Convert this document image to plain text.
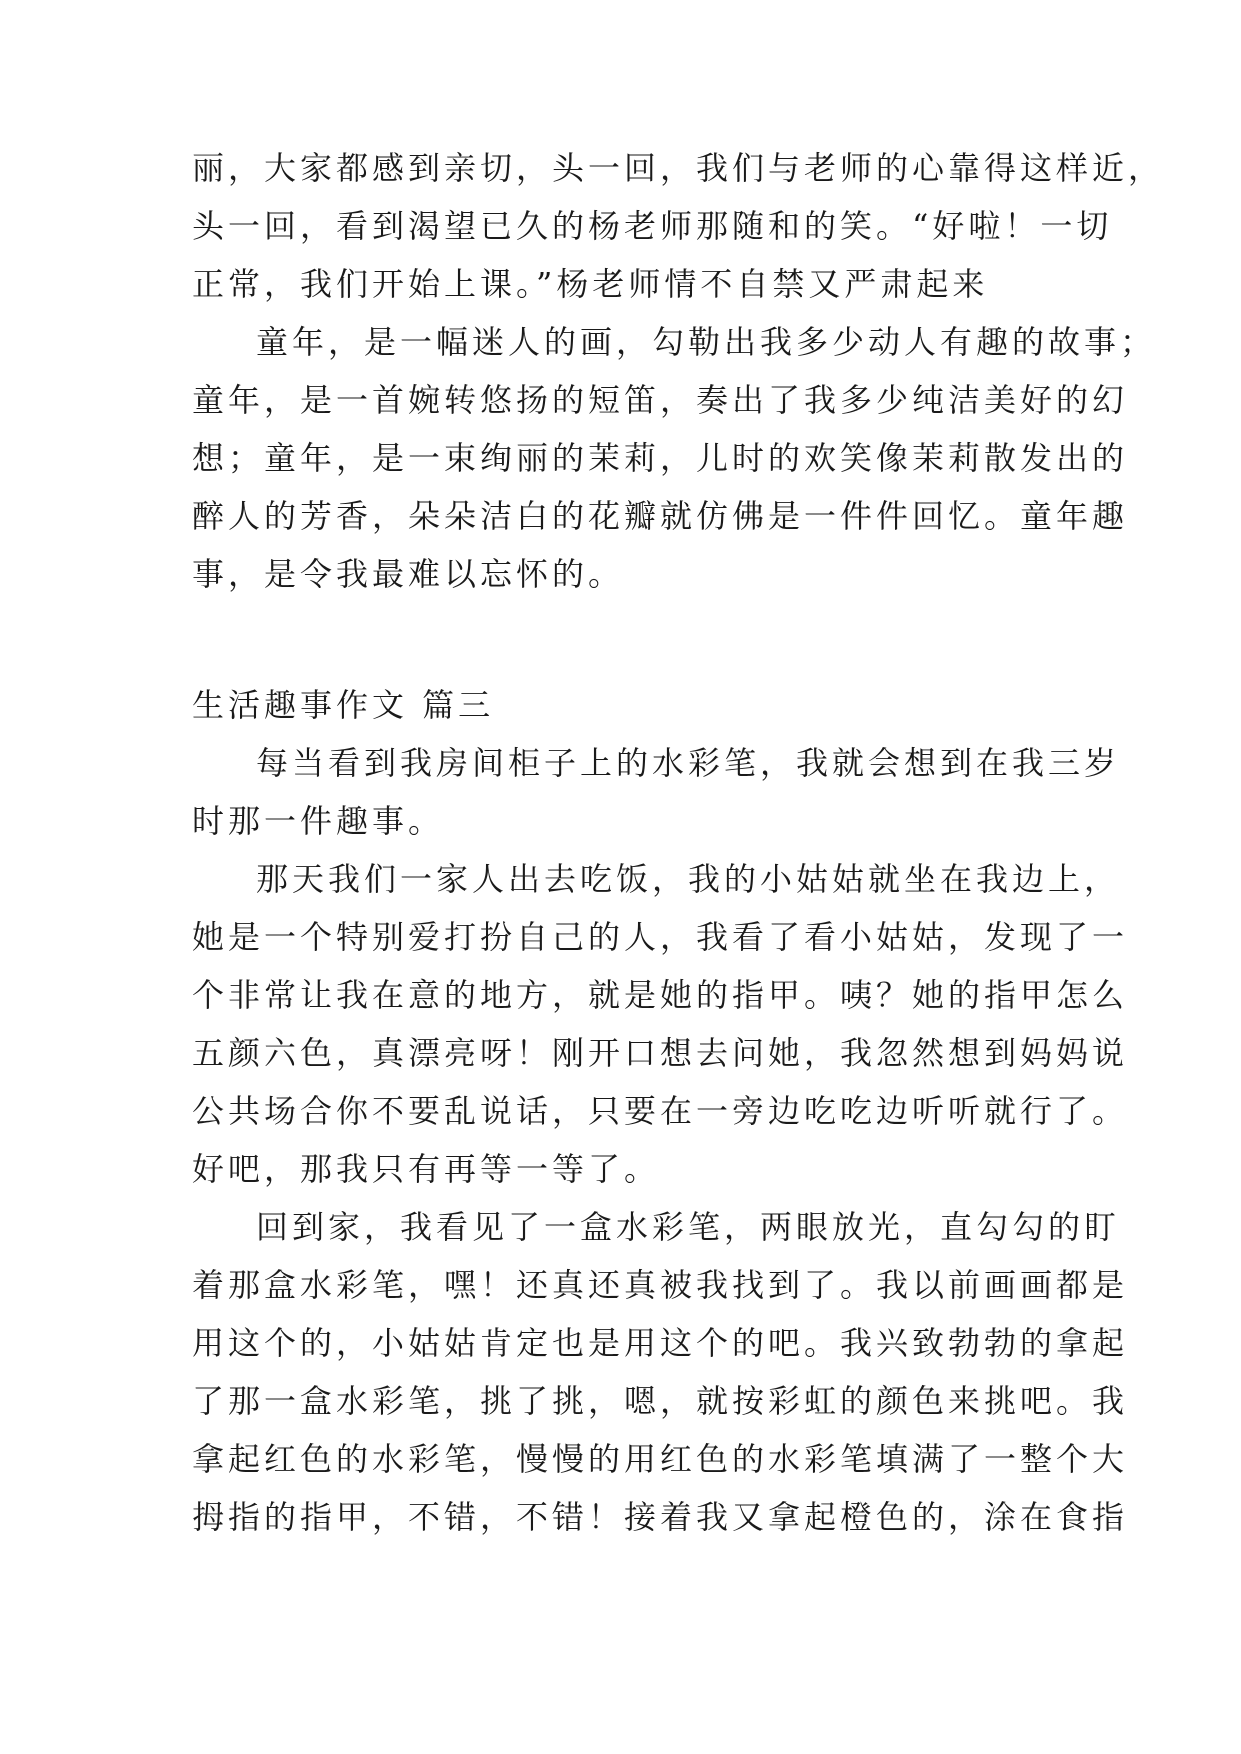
丽，大家都感到亲切，头一回，我们与老师的心靠得这样近，
头一回，看到渴望已久的杨老师那随和的笑。“好啦！一切
正常，我们开始上课。”杨老师情不自禁又严肃起来

童年，是一幅迷人的画，勾勒出我多少动人有趣的故事；
童年，是一首婉转悠扬的短笛，奏出了我多少纯洁美好的幻
想；童年，是一束绚丽的茉莉，儿时的欢笑像茉莉散发出的
醉人的芳香，朵朵洁白的花瓣就仿佛是一件件回忆。童年趣
事，是令我最难以忘怀的。

生活趣事作文 篇三

每当看到我房间柜子上的水彩笔，我就会想到在我三岁
时那一件趣事。

那天我们一家人出去吃饭，我的小姑姑就坐在我边上，
她是一个特别爱打扮自己的人，我看了看小姑姑，发现了一
个非常让我在意的地方，就是她的指甲。咦？她的指甲怎么
五颜六色，真漂亮呀！刚开口想去问她，我忽然想到妈妈说
公共场合你不要乱说话，只要在一旁边吃吃边听听就行了。
好吧，那我只有再等一等了。

回到家，我看见了一盒水彩笔，两眼放光，直勾勾的盯
着那盒水彩笔，嘿！还真还真被我找到了。我以前画画都是
用这个的，小姑姑肯定也是用这个的吧。我兴致勃勃的拿起
了那一盒水彩笔，挑了挑，嗯，就按彩虹的颜色来挑吧。我
拿起红色的水彩笔，慢慢的用红色的水彩笔填满了一整个大
拇指的指甲，不错，不错！接着我又拿起橙色的，涂在食指
